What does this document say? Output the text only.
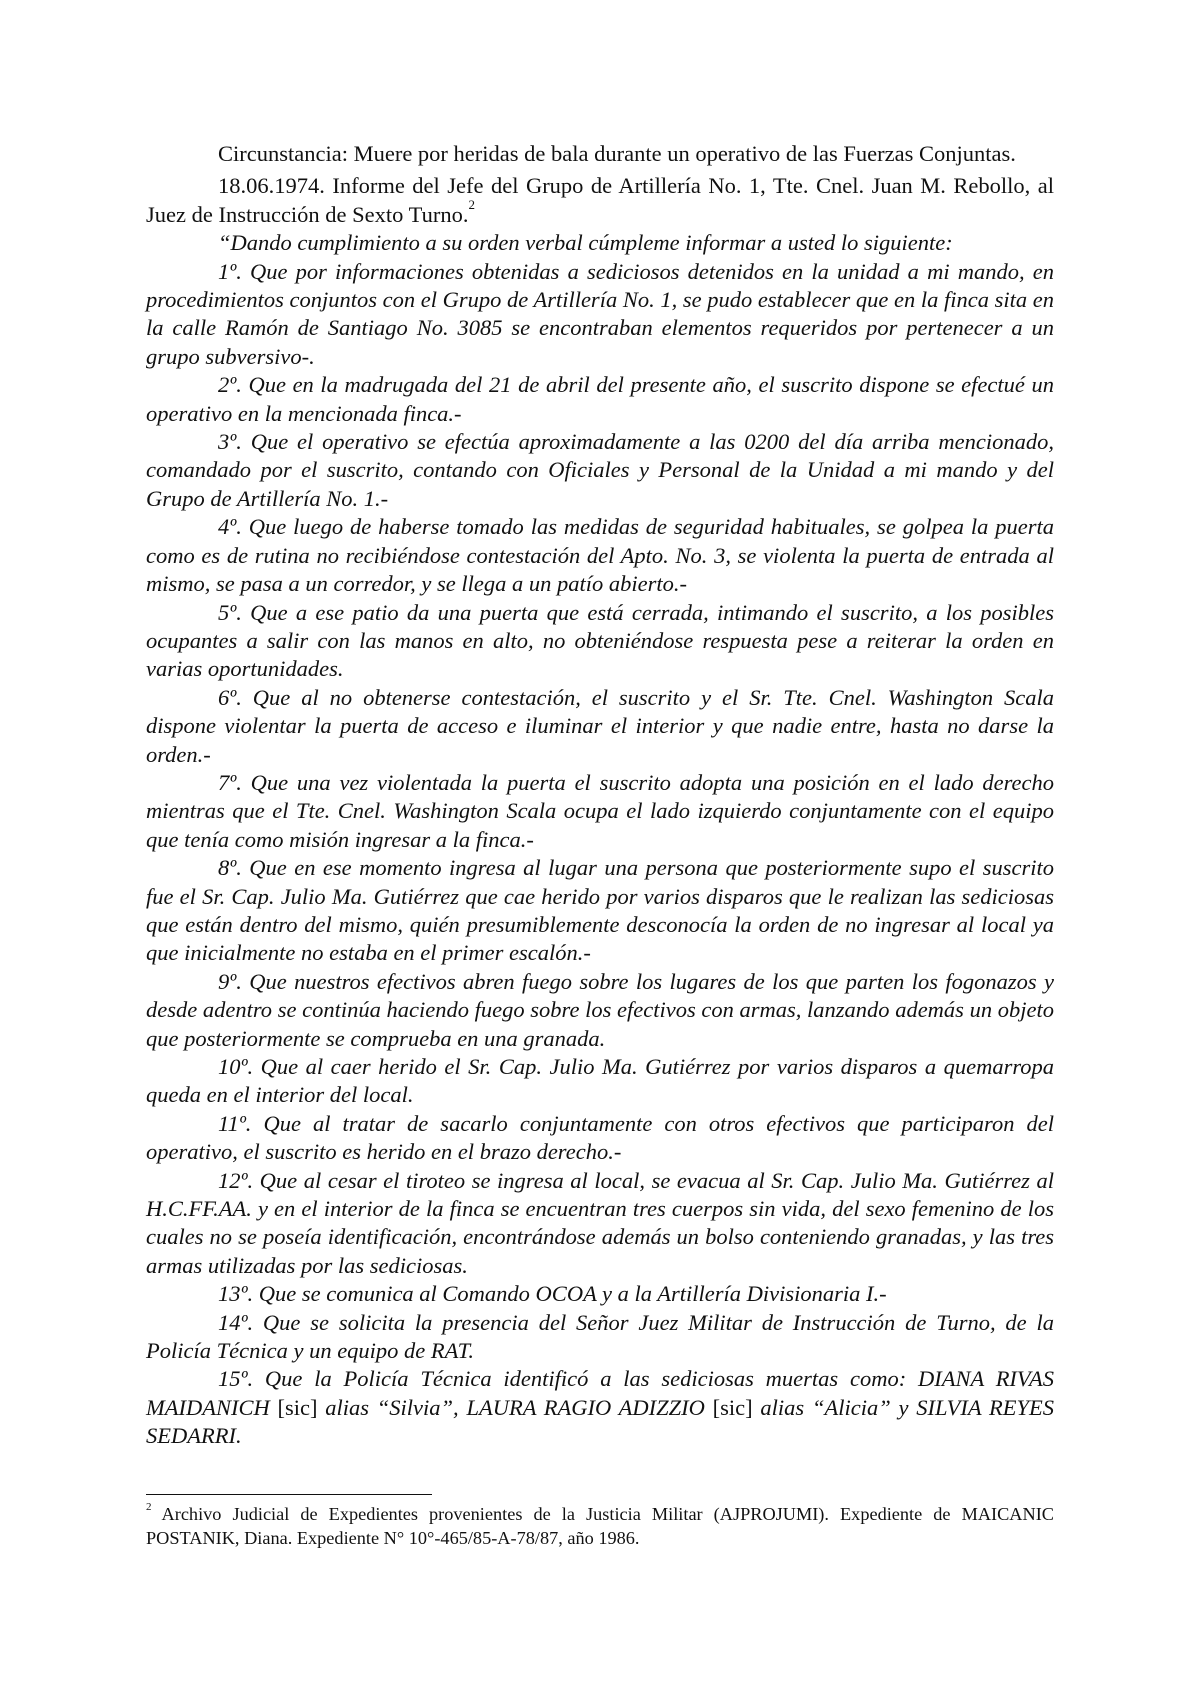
Circunstancia: Muere por heridas de bala durante un operativo de las Fuerzas Conjuntas.

18.06.1974. Informe del Jefe del Grupo de Artillería No. 1, Tte. Cnel. Juan M. Rebollo, al Juez de Instrucción de Sexto Turno.$^2$

“Dando cumplimiento a su orden verbal cúmpleme informar a usted lo siguiente:

1º. Que por informaciones obtenidas a sediciosos detenidos en la unidad a mi mando, en procedimientos conjuntos con el Grupo de Artillería No. 1, se pudo establecer que en la finca sita en la calle Ramón de Santiago No. 3085 se encontraban elementos requeridos por pertenecer a un grupo subversivo-.

2º. Que en la madrugada del 21 de abril del presente año, el suscrito dispone se efectué un operativo en la mencionada finca.-

3º. Que el operativo se efectúa aproximadamente a las 0200 del día arriba mencionado, comandado por el suscrito, contando con Oficiales y Personal de la Unidad a mi mando y del Grupo de Artillería No. 1.-

4º. Que luego de haberse tomado las medidas de seguridad habituales, se golpea la puerta como es de rutina no recibiéndose contestación del Apto. No. 3, se violenta la puerta de entrada al mismo, se pasa a un corredor, y se llega a un patío abierto.-

5º. Que a ese patio da una puerta que está cerrada, intimando el suscrito, a los posibles ocupantes a salir con las manos en alto, no obteniéndose respuesta pese a reiterar la orden en varias oportunidades.

6º. Que al no obtenerse contestación, el suscrito y el Sr. Tte. Cnel. Washington Scala dispone violentar la puerta de acceso e iluminar el interior y que nadie entre, hasta no darse la orden.-

7º. Que una vez violentada la puerta el suscrito adopta una posición en el lado derecho mientras que el Tte. Cnel. Washington Scala ocupa el lado izquierdo conjuntamente con el equipo que tenía como misión ingresar a la finca.-

8º. Que en ese momento ingresa al lugar una persona que posteriormente supo el suscrito fue el Sr. Cap. Julio Ma. Gutiérrez que cae herido por varios disparos que le realizan las sediciosas que están dentro del mismo, quién presumiblemente desconocía la orden de no ingresar al local ya que inicialmente no estaba en el primer escalón.-

9º. Que nuestros efectivos abren fuego sobre los lugares de los que parten los fogonazos y desde adentro se continúa haciendo fuego sobre los efectivos con armas, lanzando además un objeto que posteriormente se comprueba en una granada.

10º. Que al caer herido el Sr. Cap. Julio Ma. Gutiérrez por varios disparos a quemarropa queda en el interior del local.

11º. Que al tratar de sacarlo conjuntamente con otros efectivos que participaron del operativo, el suscrito es herido en el brazo derecho.-

12º. Que al cesar el tiroteo se ingresa al local, se evacua al Sr. Cap. Julio Ma. Gutiérrez al H.C.FF.AA. y en el interior de la finca se encuentran tres cuerpos sin vida, del sexo femenino de los cuales no se poseía identificación, encontrándose además un bolso conteniendo granadas, y las tres armas utilizadas por las sediciosas.

13º. Que se comunica al Comando OCOA y a la Artillería Divisionaria I.-

14º. Que se solicita la presencia del Señor Juez Militar de Instrucción de Turno, de la Policía Técnica y un equipo de RAT.

15º. Que la Policía Técnica identificó a las sediciosas muertas como: DIANA RIVAS MAIDANICH [sic] alias “Silvia”, LAURA RAGIO ADIZZIO [sic] alias “Alicia” y SILVIA REYES SEDARRI.

$^2$ Archivo Judicial de Expedientes provenientes de la Justicia Militar (AJPROJUMI). Expediente de MAICANIC POSTANIK, Diana. Expediente N° 10°-465/85-A-78/87, año 1986.
